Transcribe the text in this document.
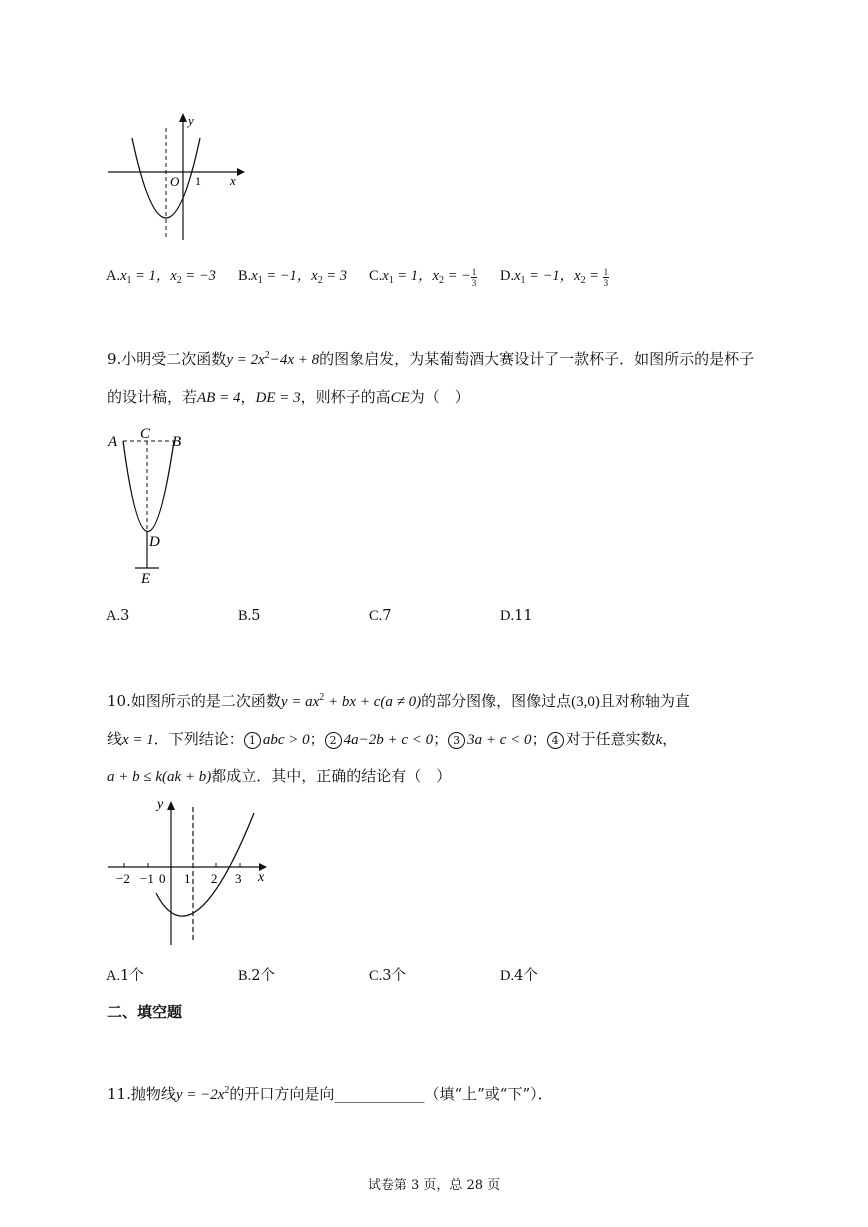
y
x
O 1
$A.x_1 = 1$，$x_2 = -3$ $B.x_1 = -1$，$x_2 = 3$ $C.x_1 = 1$，$x_2$ = − $\frac{1}{3} D.x_1 = -1$，$x_2 = \frac{1}{3}$
9.小明受二次函数$y = 2x^2-4x + 8$的图象启发，为某葡萄酒大赛设计了一款杯子．如图所示的是杯子
的设计稿，若AB = 4，DE = 3，则杯子的高CE为（　）
A C B
D
E
A.3	B.5	C.7	D.11
10.如图所示的是二次函数$y = ax^2$ + bx + c(a ≠ 0)的部分图像，图像过点(3,0)且对称轴为直
线x = 1．下列结论： 1 abc > 0； 2 4a−2b + c < 0； 3 3a + c < 0； 4 对于任意实数k，
a + b ≤ k(ak + b)都成立．其中，正确的结论有（　）
y
x
−2 −1 0 1 2 3
A.1个	B.2个	C.3个	D.4个
二、填空题
11.抛物线$y = -2x^2$的开口方向是向____________（填“上”或“下”）．
试卷第 3 页，总 28 页
